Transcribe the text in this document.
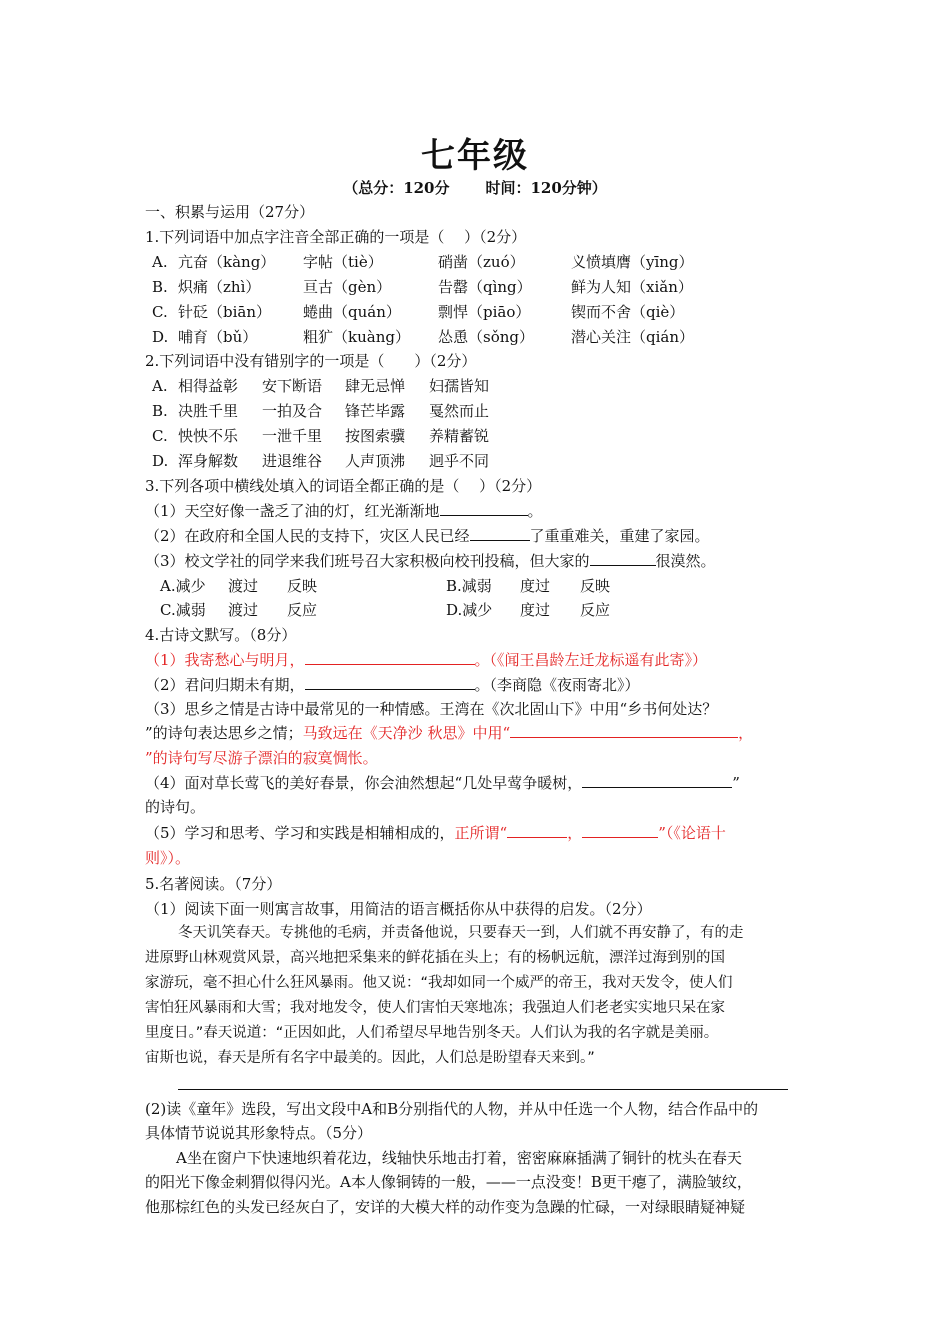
七年级
（总分：120分 时间：120分钟）
一、积累与运用（27分）
1.下列词语中加点字注音全部正确的一项是（　 ）（2分）
A. 亢奋（kàng） 字帖（tiè）	硝凿（zuó）	义愤填膺（yīng）
B. 炽痛（zhì）	亘古（gèn）	告罄（qìng）	鲜为人知（xiǎn）
C. 针砭（biān） 蜷曲（quán） 剽悍（piāo）	锲而不舍（qiè）
D. 哺育（bǔ）	粗犷（kuàng） 怂恿（sǒng） 潜心关注（qián）
2.下列词语中没有错别字的一项是（　　）（2分）
A. 相得益彰 安下断语 肆无忌惮 妇孺皆知
B. 决胜千里 一拍及合 锋芒毕露 戛然而止
C. 怏怏不乐 一泄千里 按图索骥 养精蓄锐
D. 浑身解数 进退维谷 人声顶沸 迥乎不同
3.下列各项中横线处填入的词语全都正确的是（　 ）（2分）
（1）天空好像一盏乏了油的灯，红光渐渐地	。
（2）在政府和全国人民的支持下，灾区人民已经	了重重难关，重建了家园。
（3）校文学社的同学来我们班号召大家积极向校刊投稿，但大家的	很漠然。
A.减少 渡过 反映	B.减弱 度过 反映
C.减弱 渡过 反应	D.减少 度过 反应
4.古诗文默写。（8分）
（1）我寄愁心与明月，	。（《闻王昌龄左迁龙标遥有此寄》）
（2）君问归期未有期，	。（李商隐《夜雨寄北》）
（3）思乡之情是古诗中最常见的一种情感。王湾在《次北固山下》中用“乡书何处达？
”的诗句表达思乡之情；马致远在《天净沙 秋思》中用“	，
”的诗句写尽游子漂泊的寂寞惆怅。
（4）面对草长莺飞的美好春景，你会油然想起“几处早莺争暖树，	”
的诗句。
（5）学习和思考、学习和实践是相辅相成的，正所谓“	，	”（《论语十
则》）。
5.名著阅读。（7分）
（1）阅读下面一则寓言故事，用简洁的语言概括你从中获得的启发。（2分）
冬天讥笑春天。专挑他的毛病，并责备他说，只要春天一到，人们就不再安静了，有的走
进原野山林观赏风景，高兴地把采集来的鲜花插在头上；有的杨帆远航，漂洋过海到别的国
家游玩，毫不担心什么狂风暴雨。他又说：“我却如同一个威严的帝王，我对天发令，使人们
害怕狂风暴雨和大雪；我对地发令，使人们害怕天寒地冻；我强迫人们老老实实地只呆在家
里度日。”春天说道：“正因如此，人们希望尽早地告别冬天。人们认为我的名字就是美丽。
宙斯也说，春天是所有名字中最美的。因此，人们总是盼望春天来到。”
(2)读《童年》选段，写出文段中A和B分别指代的人物，并从中任选一个人物，结合作品中的
具体情节说说其形象特点。（5分）
A坐在窗户下快速地织着花边，线轴快乐地击打着，密密麻麻插满了铜针的枕头在春天
的阳光下像金刺猬似得闪光。A本人像铜铸的一般，——一点没变！B更干瘪了，满脸皱纹，
他那棕红色的头发已经灰白了，安详的大模大样的动作变为急躁的忙碌，一对绿眼睛疑神疑
